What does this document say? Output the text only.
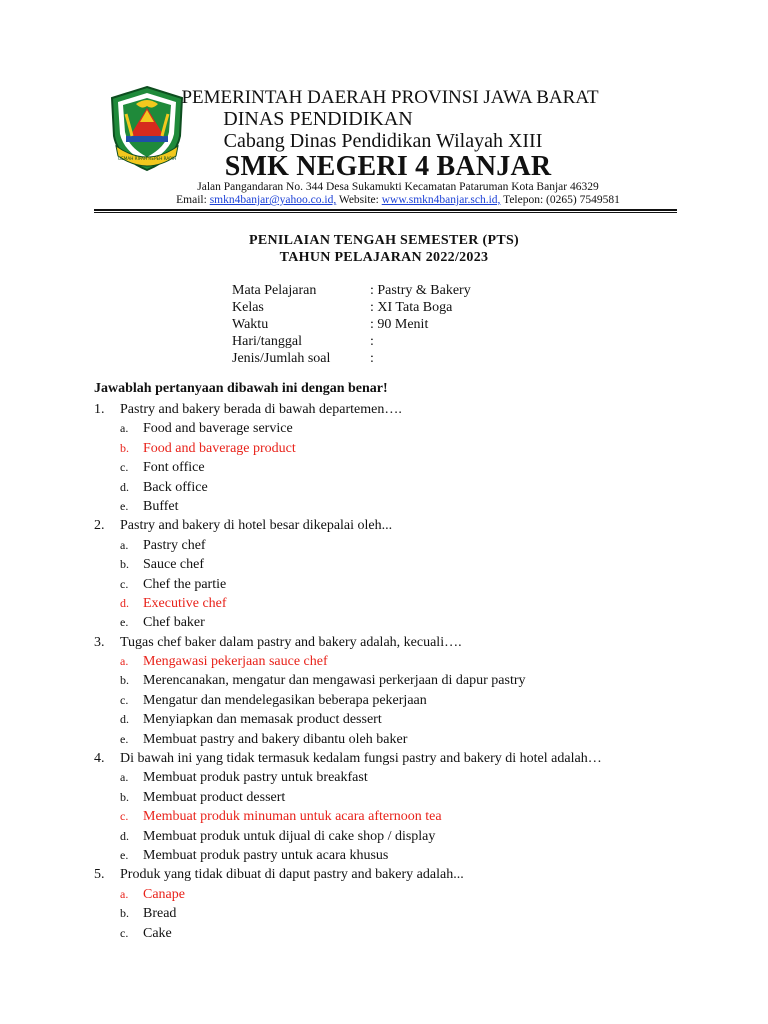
GEMAH RIPAH REPEH RAPIH
PEMERINTAH DAERAH PROVINSI JAWA BARAT
DINAS PENDIDIKAN
Cabang Dinas Pendidikan Wilayah XIII
SMK NEGERI 4 BANJAR
Jalan Pangandaran No. 344 Desa Sukamukti Kecamatan Pataruman Kota Banjar 46329
Email: smkn4banjar@yahoo.co.id, Website: www.smkn4banjar.sch.id, Telepon: (0265) 7549581
PENILAIAN TENGAH SEMESTER (PTS)
TAHUN PELAJARAN 2022/2023
Mata Pelajaran	: Pastry & Bakery
Kelas	: XI Tata Boga
Waktu	: 90 Menit
Hari/tanggal	:
Jenis/Jumlah soal	:
Jawablah pertanyaan dibawah ini dengan benar!
1.	Pastry and bakery berada di bawah departemen….
a.	Food and baverage service
b.	Food and baverage product
c.	Font office
d.	Back office
e.	Buffet
2.	Pastry and bakery di hotel besar dikepalai oleh...
a.	Pastry chef
b.	Sauce chef
c.	Chef the partie
d.	Executive chef
e.	Chef baker
3.	Tugas chef baker dalam pastry and bakery adalah, kecuali….
a.	Mengawasi pekerjaan sauce chef
b.	Merencanakan, mengatur dan mengawasi perkerjaan di dapur pastry
c.	Mengatur dan mendelegasikan beberapa pekerjaan
d.	Menyiapkan dan memasak product dessert
e.	Membuat pastry and bakery dibantu oleh baker
4.	Di bawah ini yang tidak termasuk kedalam fungsi pastry and bakery di hotel adalah…
a.	Membuat produk pastry untuk breakfast
b.	Membuat product dessert
c.	Membuat produk minuman untuk acara afternoon tea
d.	Membuat produk untuk dijual di cake shop / display
e.	Membuat produk pastry untuk acara khusus
5.	Produk yang tidak dibuat di daput pastry and bakery adalah...
a.	Canape
b.	Bread
c.	Cake
